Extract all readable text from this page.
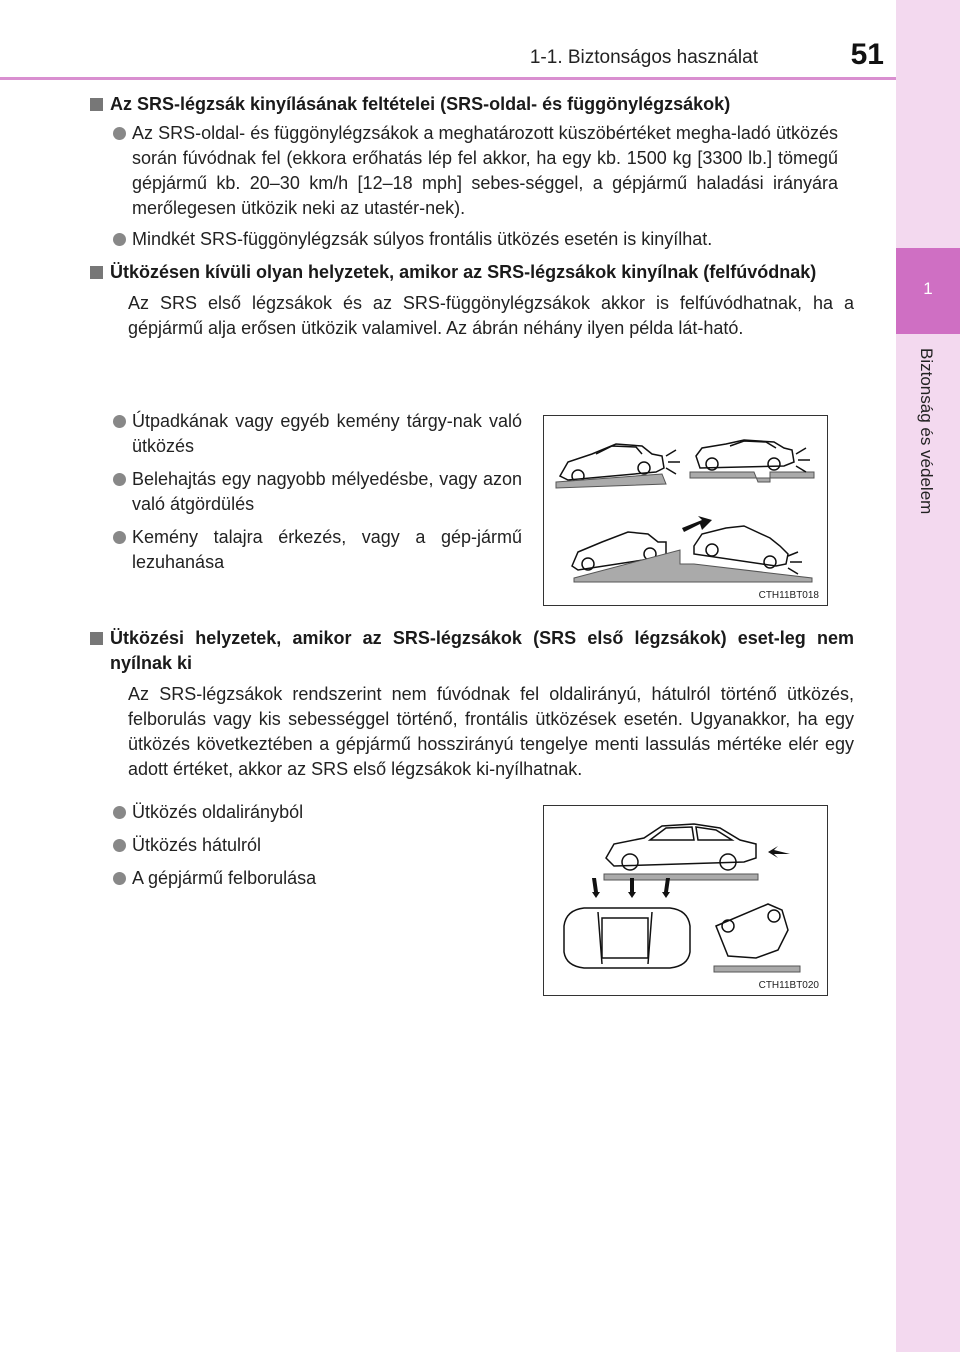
1-1. Biztonságos használat	51
1
Biztonság és védelem
Az SRS-légzsák kinyílásának feltételei (SRS-oldal- és függönylégzsákok)
Az SRS-oldal- és függönylégzsákok a meghatározott küszöbértéket megha-ladó ütközés során fúvódnak fel (ekkora erőhatás lép fel akkor, ha egy kb. 1500 kg [3300 lb.] tömegű gépjármű kb. 20–30 km/h [12–18 mph] sebes-séggel, a gépjármű haladási irányára merőlegesen ütközik neki az utastér-nek).
Mindkét SRS-függönylégzsák súlyos frontális ütközés esetén is kinyílhat.
Ütközésen kívüli olyan helyzetek, amikor az SRS-légzsákok kinyílnak (felfúvódnak)
Az SRS első légzsákok és az SRS-függönylégzsákok akkor is felfúvódhatnak, ha a gépjármű alja erősen ütközik valamivel. Az ábrán néhány ilyen példa lát-ható.
Útpadkának vagy egyéb kemény tárgy-nak való ütközés
Belehajtás egy nagyobb mélyedésbe, vagy azon való átgördülés
Kemény talajra érkezés, vagy a gép-jármű lezuhanása
CTH11BT018
Ütközési helyzetek, amikor az SRS-légzsákok (SRS első légzsákok) eset-leg nem nyílnak ki
Az SRS-légzsákok rendszerint nem fúvódnak fel oldalirányú, hátulról történő ütközés, felborulás vagy kis sebességgel történő, frontális ütközések esetén. Ugyanakkor, ha egy ütközés következtében a gépjármű hosszirányú tengelye menti lassulás mértéke elér egy adott értéket, akkor az SRS első légzsákok ki-nyílhatnak.
Ütközés oldalirányból
Ütközés hátulról
A gépjármű felborulása
CTH11BT020
